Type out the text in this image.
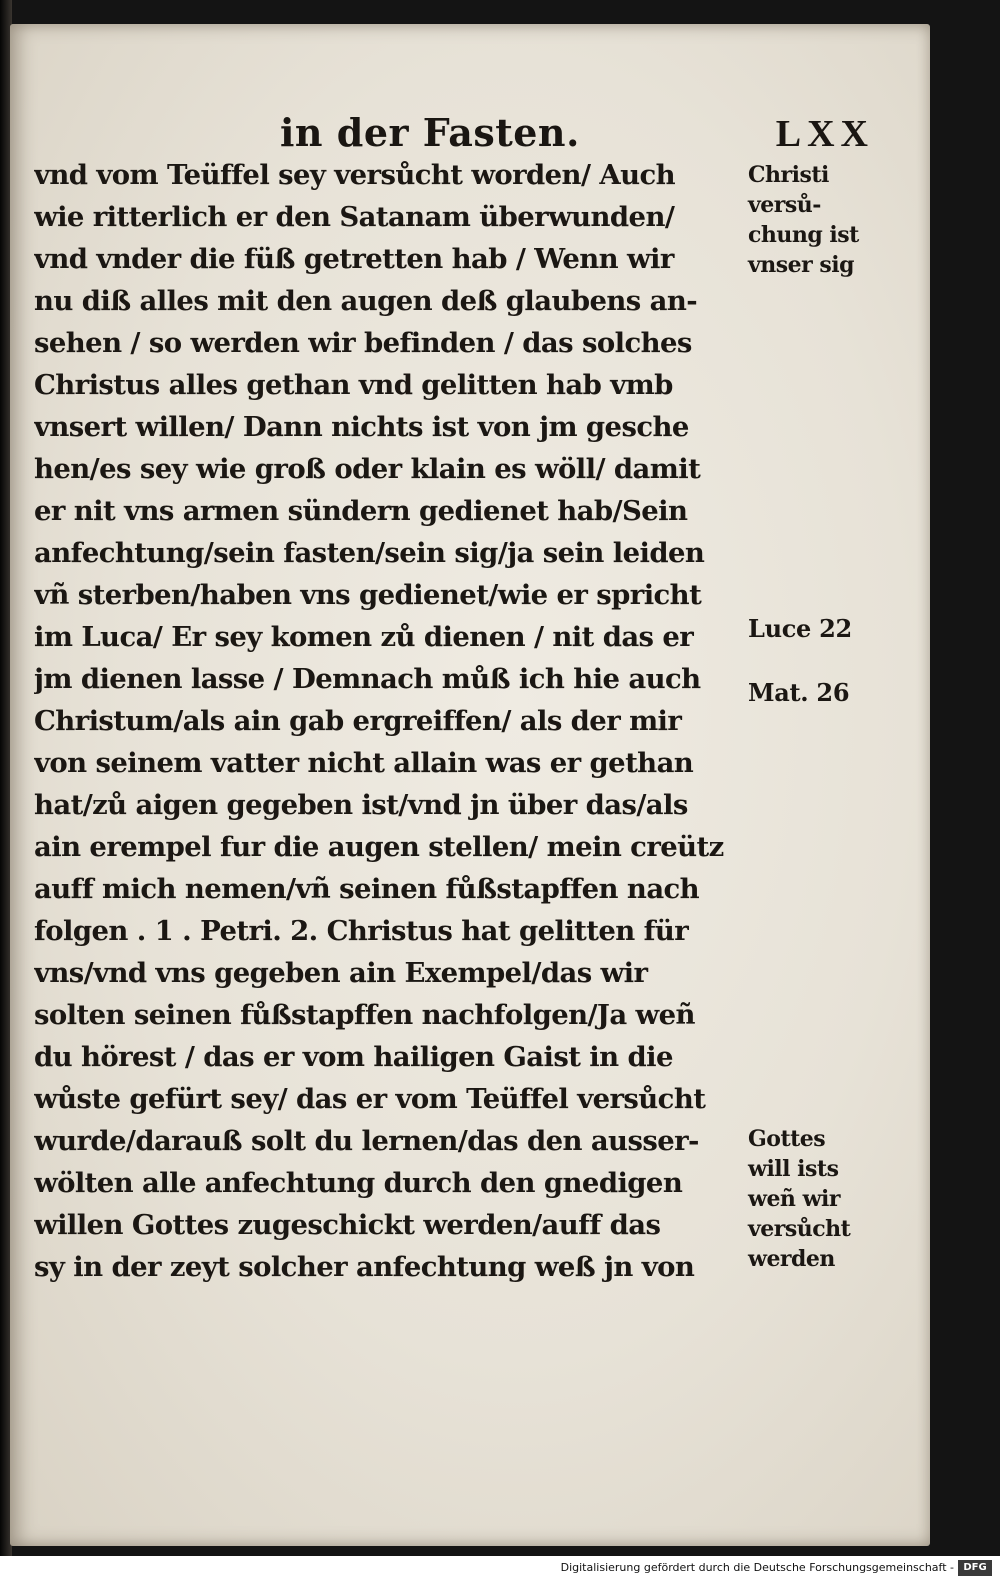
in der Fasten.	LXX
vnd vom Teüffel sey versůcht worden/ Auch
wie ritterlich er den Satanam überwunden/
vnd vnder die füß getretten hab / Wenn wir
nu diß alles mit den augen deß glaubens an-
sehen / so werden wir befinden / das solches
Christus alles gethan vnd gelitten hab vmb
vnsert willen/ Dann nichts ist von jm gesche
hen/es sey wie groß oder klain es wöll/ damit
er nit vns armen sündern gedienet hab/Sein
anfechtung/sein fasten/sein sig/ja sein leiden
vñ sterben/haben vns gedienet/wie er spricht
im Luca/ Er sey komen zů dienen / nit das er
jm dienen lasse / Demnach můß ich hie auch
Christum/als ain gab ergreiffen/ als der mir
von seinem vatter nicht allain was er gethan
hat/zů aigen gegeben ist/vnd jn über das/als
ain erempel fur die augen stellen/ mein creütz
auff mich nemen/vñ seinen fůßstapffen nach
folgen . 1 . Petri. 2. Christus hat gelitten für
vns/vnd vns gegeben ain Exempel/das wir
solten seinen fůßstapffen nachfolgen/Ja weñ
du hörest / das er vom hailigen Gaist in die
wůste gefürt sey/ das er vom Teüffel versůcht
wurde/darauß solt du lernen/das den ausser-
wölten alle anfechtung durch den gnedigen
willen Gottes zugeschickt werden/auff das
sy in der zeyt solcher anfechtung weß jn von
Christi
versů-
chung ist
vnser sig
Luce 22
Mat. 26
Gottes
will ists
weñ wir
versůcht
werden
Digitalisierung gefördert durch die Deutsche Forschungsgemeinschaft - DFG
